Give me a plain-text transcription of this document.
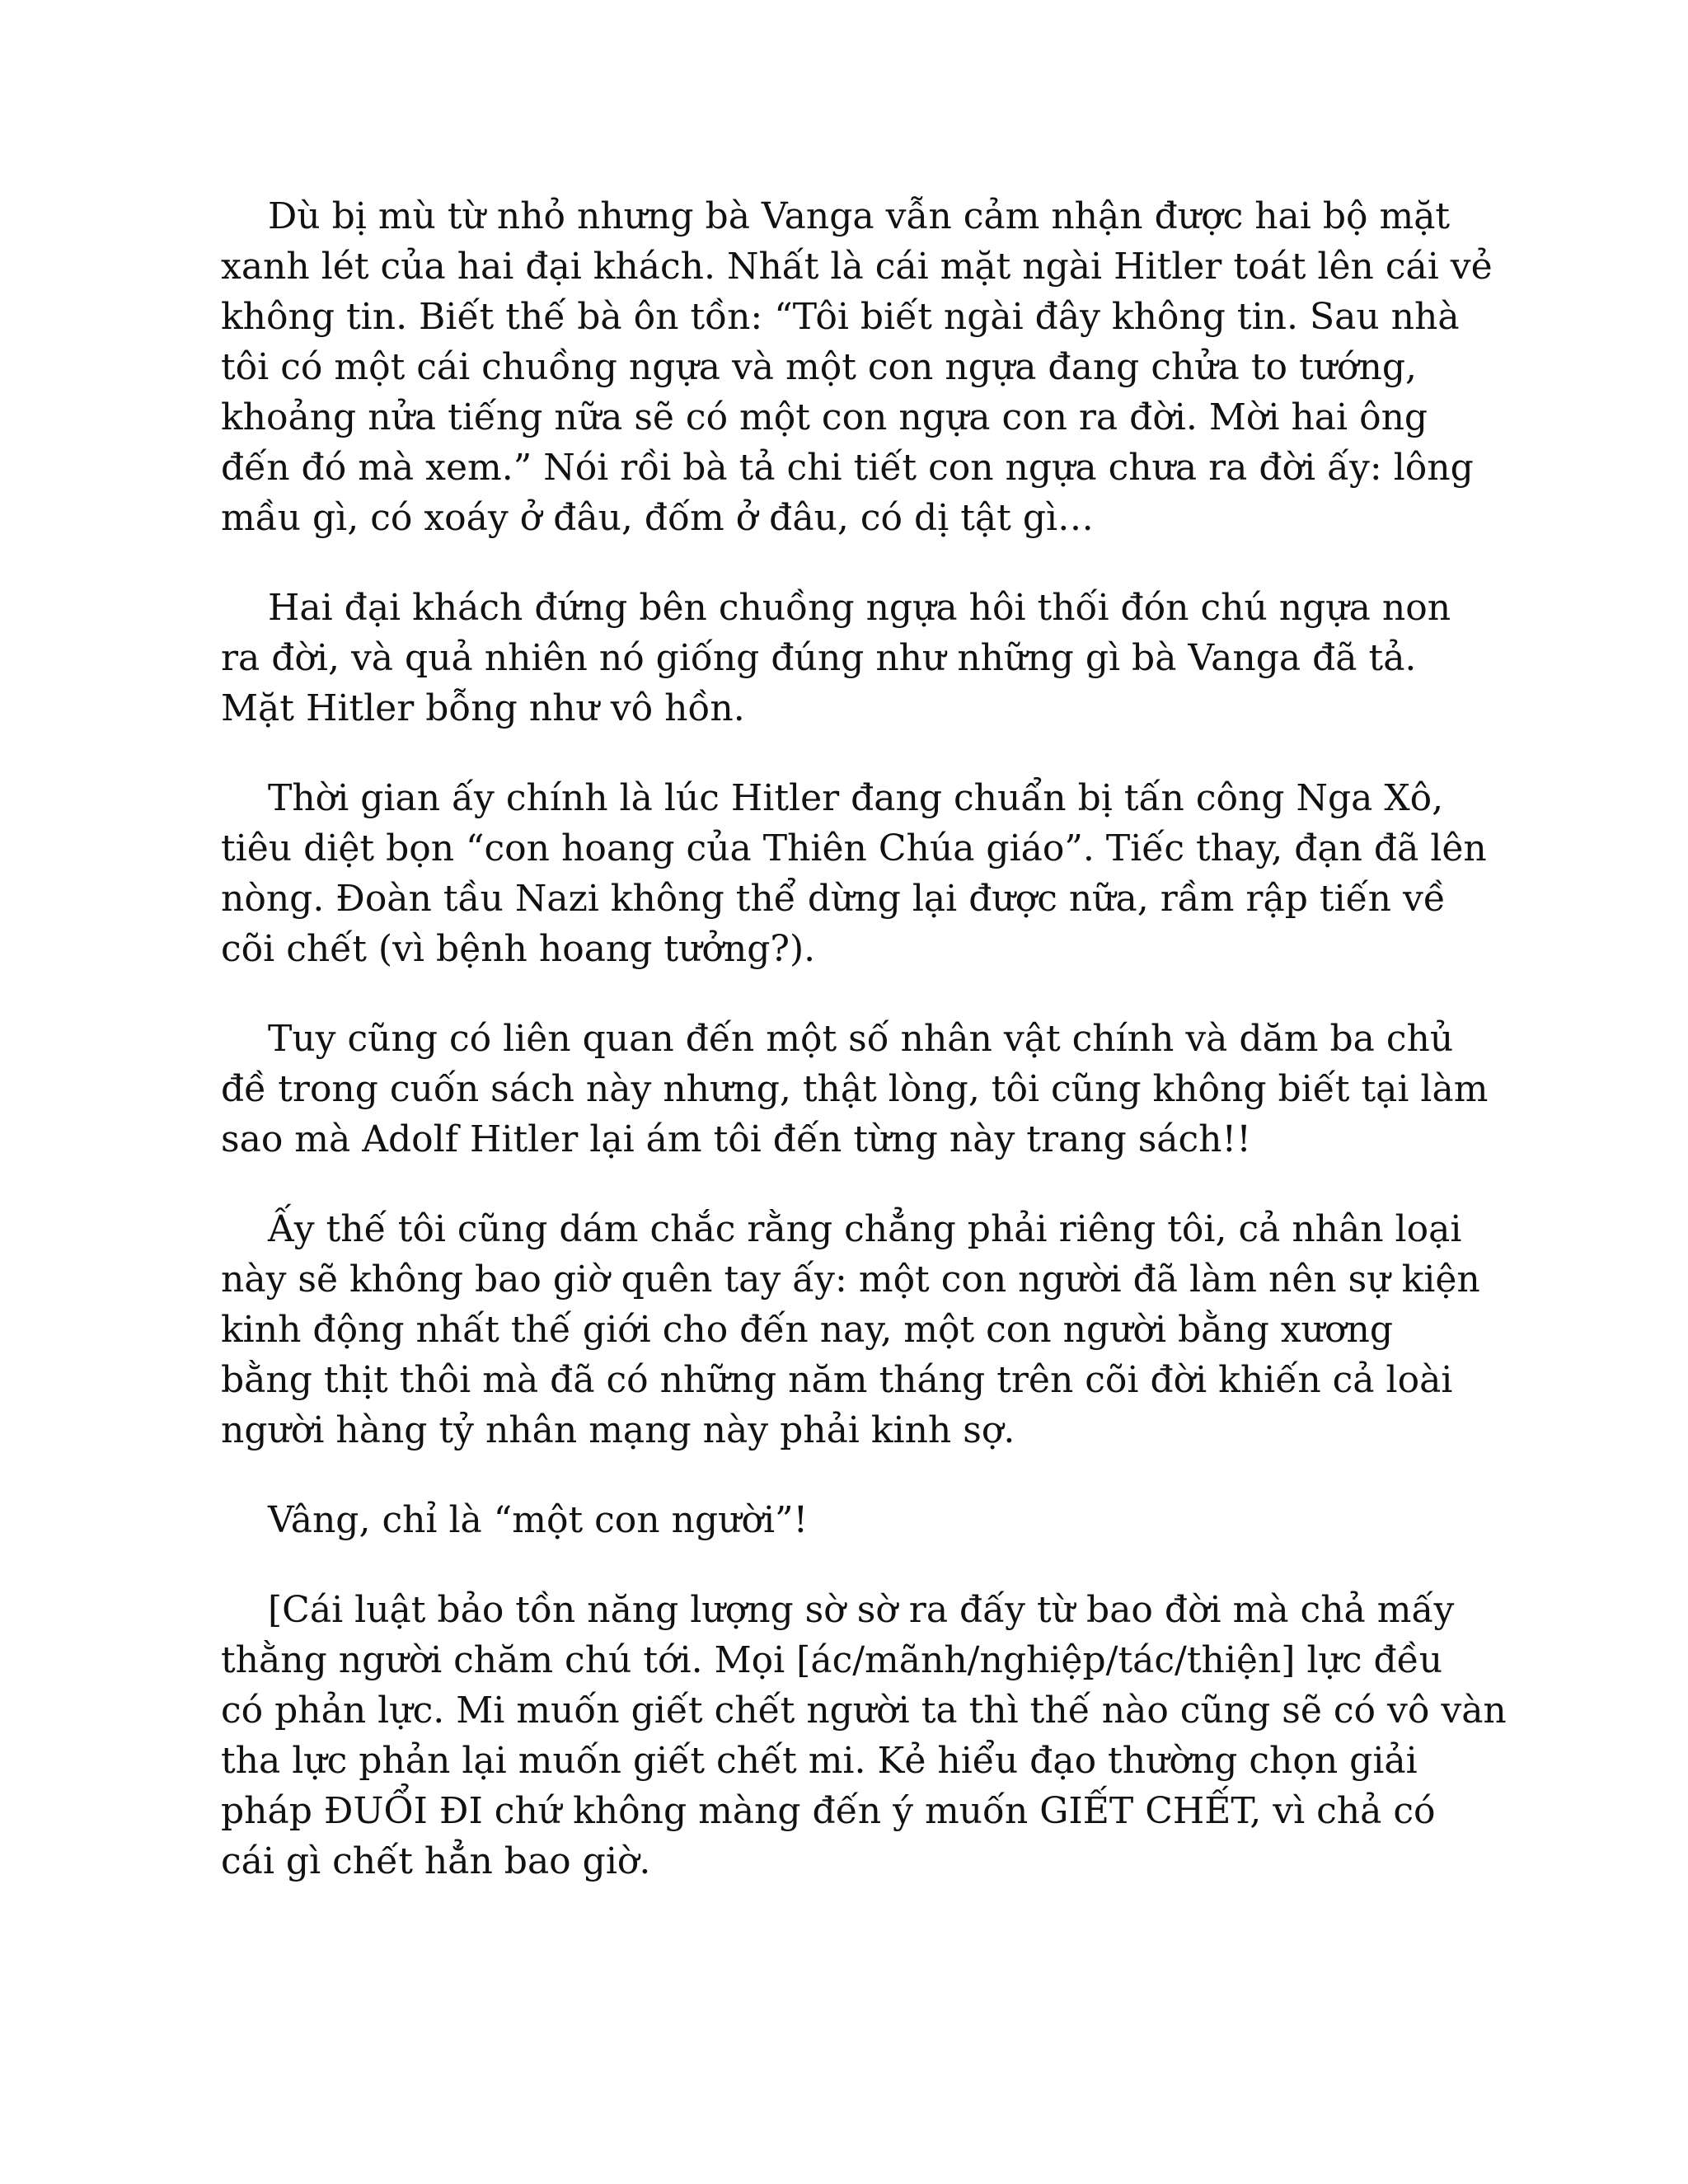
Dù bị mù từ nhỏ nhưng bà Vanga vẫn cảm nhận được hai bộ mặt
xanh lét của hai đại khách. Nhất là cái mặt ngài Hitler toát lên cái vẻ
không tin. Biết thế bà ôn tồn: “Tôi biết ngài đây không tin. Sau nhà
tôi có một cái chuồng ngựa và một con ngựa đang chửa to tướng,
khoảng nửa tiếng nữa sẽ có một con ngựa con ra đời. Mời hai ông
đến đó mà xem.” Nói rồi bà tả chi tiết con ngựa chưa ra đời ấy: lông
mầu gì, có xoáy ở đâu, đốm ở đâu, có dị tật gì…

Hai đại khách đứng bên chuồng ngựa hôi thối đón chú ngựa non
ra đời, và quả nhiên nó giống đúng như những gì bà Vanga đã tả.
Mặt Hitler bỗng như vô hồn.

Thời gian ấy chính là lúc Hitler đang chuẩn bị tấn công Nga Xô,
tiêu diệt bọn “con hoang của Thiên Chúa giáo”. Tiếc thay, đạn đã lên
nòng. Đoàn tầu Nazi không thể dừng lại được nữa, rầm rập tiến về
cõi chết (vì bệnh hoang tưởng?).

Tuy cũng có liên quan đến một số nhân vật chính và dăm ba chủ
đề trong cuốn sách này nhưng, thật lòng, tôi cũng không biết tại làm
sao mà Adolf Hitler lại ám tôi đến từng này trang sách!!

Ấy thế tôi cũng dám chắc rằng chẳng phải riêng tôi, cả nhân loại
này sẽ không bao giờ quên tay ấy: một con người đã làm nên sự kiện
kinh động nhất thế giới cho đến nay, một con người bằng xương
bằng thịt thôi mà đã có những năm tháng trên cõi đời khiến cả loài
người hàng tỷ nhân mạng này phải kinh sợ.

Vâng, chỉ là “một con người”!

[Cái luật bảo tồn năng lượng sờ sờ ra đấy từ bao đời mà chả mấy
thằng người chăm chú tới. Mọi [ác/mãnh/nghiệp/tác/thiện] lực đều
có phản lực. Mi muốn giết chết người ta thì thế nào cũng sẽ có vô vàn
tha lực phản lại muốn giết chết mi. Kẻ hiểu đạo thường chọn giải
pháp ĐUỔI ĐI chứ không màng đến ý muốn GIẾT CHẾT, vì chả có
cái gì chết hẳn bao giờ.
